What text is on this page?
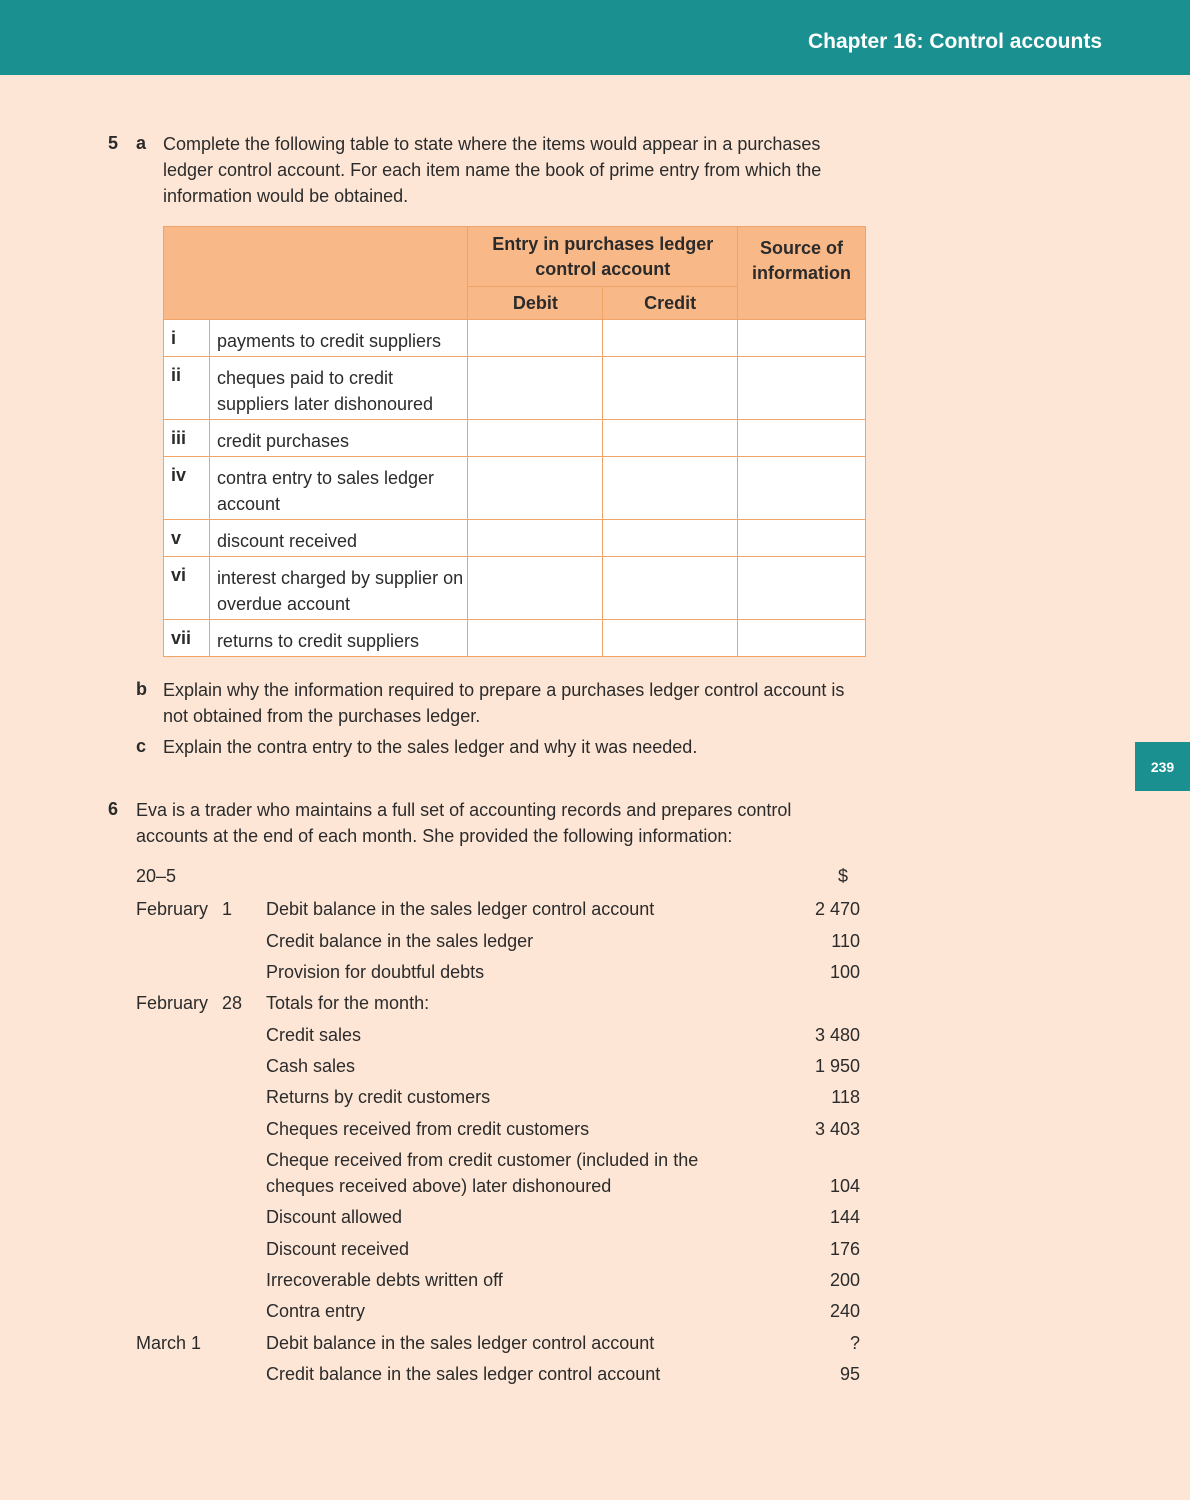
Chapter 16: Control accounts
239
5 a Complete the following table to state where the items would appear in a purchases
ledger control account. For each item name the book of prime entry from which the
information would be obtained.
		Entry in purchases ledger control account		Source of information
		Debit	Credit	
i	payments to credit suppliers			
ii	cheques paid to credit suppliers later dishonoured			
iii	credit purchases			
iv	contra entry to sales ledger account			
v	discount received			
vi	interest charged by supplier on overdue account			
vii	returns to credit suppliers			
b Explain why the information required to prepare a purchases ledger control account is
not obtained from the purchases ledger.
c Explain the contra entry to the sales ledger and why it was needed.
6 Eva is a trader who maintains a full set of accounting records and prepares control
accounts at the end of each month. She provided the following information:
20–5	$
February 1 Debit balance in the sales ledger control account	2 470
Credit balance in the sales ledger	110
Provision for doubtful debts	100
February 28 Totals for the month:
Credit sales	3 480
Cash sales	1 950
Returns by credit customers	118
Cheques received from credit customers	3 403
Cheque received from credit customer (included in the cheques received above) later dishonoured	104
Discount allowed	144
Discount received	176
Irrecoverable debts written off	200
Contra entry	240
March 1	Debit balance in the sales ledger control account	?
Credit balance in the sales ledger control account	95
